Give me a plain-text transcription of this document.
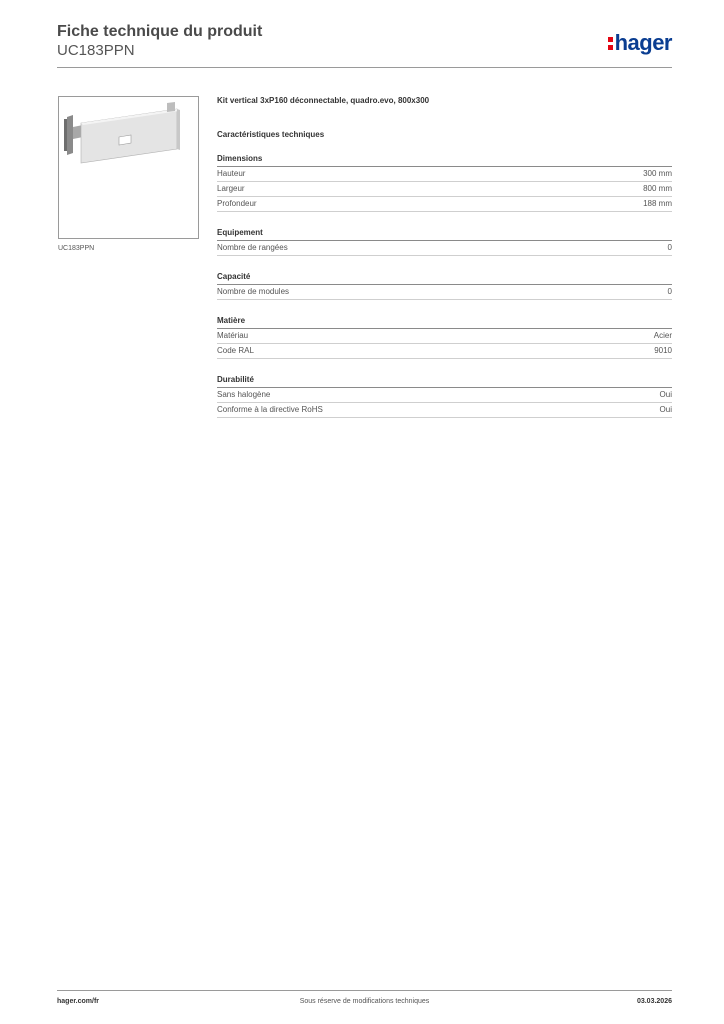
Fiche technique du produit
UC183PPN	hager
UC183PPN
Kit vertical 3xP160 déconnectable, quadro.evo, 800x300
Caractéristiques techniques
Dimensions
Hauteur	300 mm
Largeur	800 mm
Profondeur	188 mm
Equipement
Nombre de rangées	0
Capacité
Nombre de modules	0
Matière
Matériau	Acier
Code RAL	9010
Durabilité
Sans halogène	Oui
Conforme à la directive RoHS	Oui
hager.com/fr	Sous réserve de modifications techniques	03.03.2026
